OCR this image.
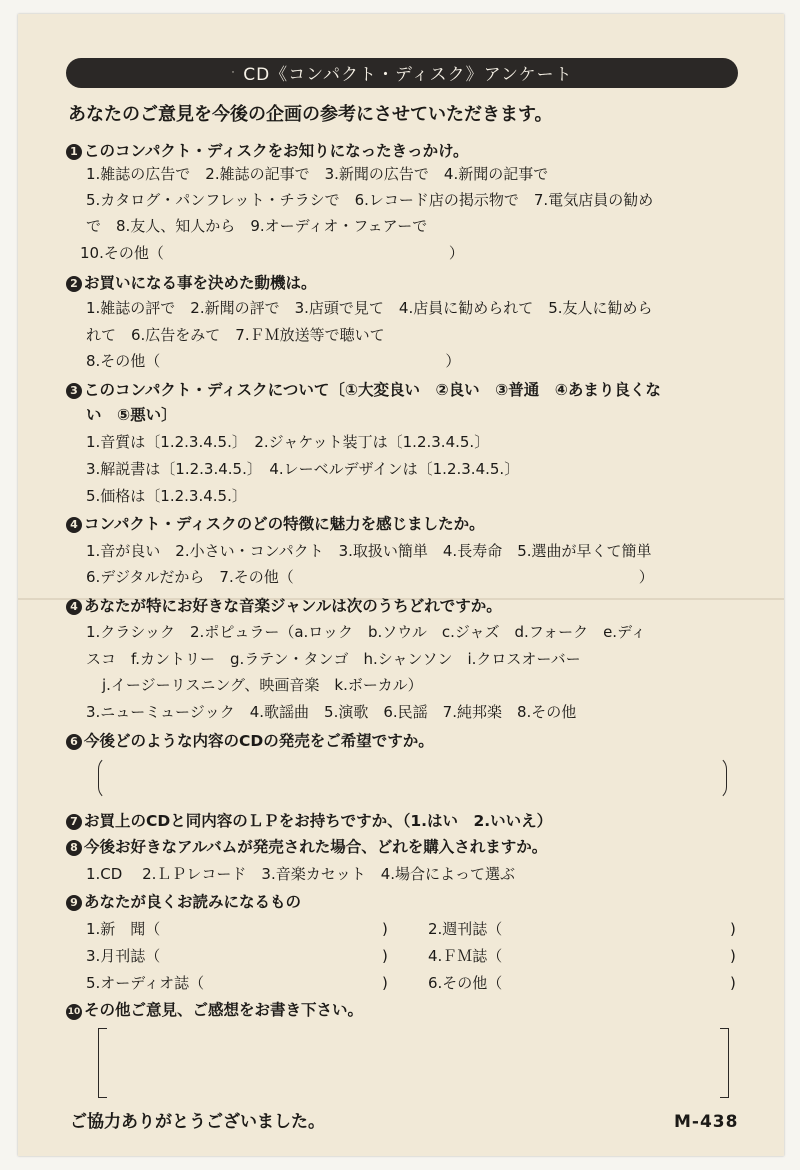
$^ᐧ$ CD《コンパクト・ディスク》アンケート
あなたのご意見を今後の企画の参考にさせていただきます。
1 このコンパクト・ディスクをお知りになったきっかけ。
1.雑誌の広告で　2.雑誌の記事で　3.新聞の広告で　4.新聞の記事で
5.カタログ・パンフレット・チラシで　6.レコード店の掲示物で　7.電気店員の勧め
で　8.友人、知人から　9.オーディオ・フェアーで
10.その他（　　　　　　　　　　　　　　　　　　　）
2 お買いになる事を決めた動機は。
1.雑誌の評で　2.新聞の評で　3.店頭で見て　4.店員に勧められて　5.友人に勧めら
れて　6.広告をみて　7.ＦＭ放送等で聴いて
8.その他（　　　　　　　　　　　　　　　　　　　）
3 このコンパクト・ディスクについて〔①大変良い　②良い　③普通　④あまり良くな
い　⑤悪い〕
1.音質は〔1.2.3.4.5.〕　2.ジャケット装丁は〔1.2.3.4.5.〕
3.解説書は〔1.2.3.4.5.〕　4.レーベルデザインは〔1.2.3.4.5.〕
5.価格は〔1.2.3.4.5.〕
4 コンパクト・ディスクのどの特徴に魅力を感じましたか。
1.音が良い　2.小さい・コンパクト　3.取扱い簡単　4.長寿命　5.選曲が早くて簡単
6.デジタルだから　7.その他（　　　　　　　　　　　　　　　　　　　　　　　）
4 あなたが特にお好きな音楽ジャンルは次のうちどれですか。
1.クラシック　2.ポピュラー（a.ロック　b.ソウル　c.ジャズ　d.フォーク　e.ディ
スコ　f.カントリー　g.ラテン・タンゴ　h.シャンソン　i.クロスオーバー
j.イージーリスニング、映画音楽　k.ボーカル）
3.ニューミュージック　4.歌謡曲　5.演歌　6.民謡　7.純邦楽　8.その他
6 今後どのような内容のCDの発売をご希望ですか。
7 お買上のCDと同内容のＬＰをお持ちですか、（1.はい　2.いいえ）
8 今後お好きなアルバムが発売された場合、どれを購入されますか。
1.CD　 2.ＬＰレコード　3.音楽カセット　4.場合によって選ぶ
9 あなたが良くお読みになるもの
1.新　聞（	)	2.週刊誌（	)
3.月刊誌（	)	4.ＦＭ誌（	)
5.オーディオ誌（	)	6.その他（	)
10 その他ご意見、ご感想をお書き下さい。
ご協力ありがとうございました。	M-438
